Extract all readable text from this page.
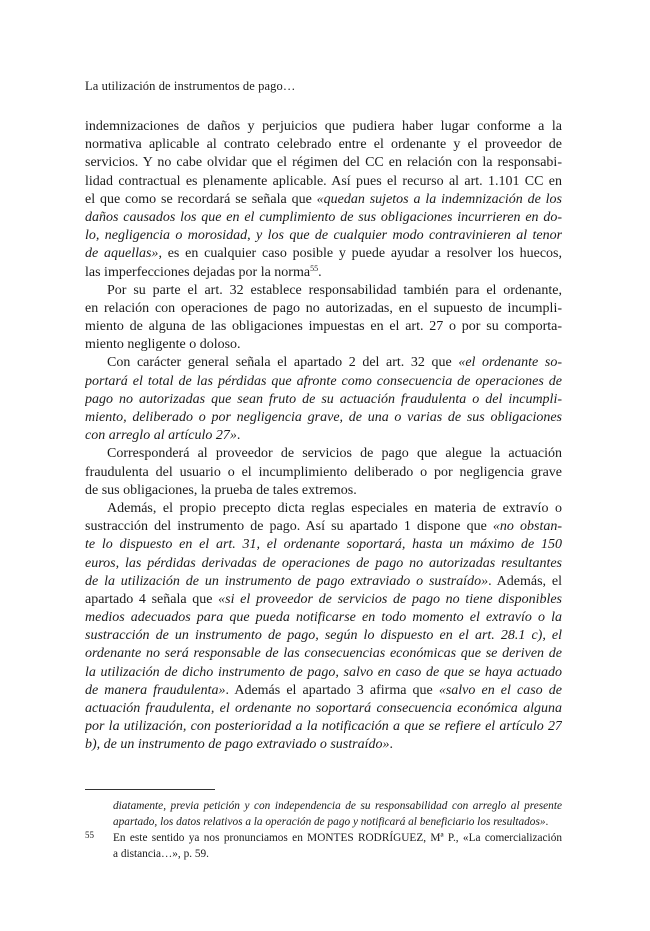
La utilización de instrumentos de pago…
indemnizaciones de daños y perjuicios que pudiera haber lugar conforme a la
normativa aplicable al contrato celebrado entre el ordenante y el proveedor de
servicios. Y no cabe olvidar que el régimen del CC en relación con la responsabi-
lidad contractual es plenamente aplicable. Así pues el recurso al art. 1.101 CC en
el que como se recordará se señala que «quedan sujetos a la indemnización de los
daños causados los que en el cumplimiento de sus obligaciones incurrieren en do-
lo, negligencia o morosidad, y los que de cualquier modo contravinieren al tenor
de aquellas», es en cualquier caso posible y puede ayudar a resolver los huecos,
las imperfecciones dejadas por la norma$^{55}$.
Por su parte el art. 32 establece responsabilidad también para el ordenante,
en relación con operaciones de pago no autorizadas, en el supuesto de incumpli-
miento de alguna de las obligaciones impuestas en el art. 27 o por su comporta-
miento negligente o doloso.
Con carácter general señala el apartado 2 del art. 32 que «el ordenante so-
portará el total de las pérdidas que afronte como consecuencia de operaciones de
pago no autorizadas que sean fruto de su actuación fraudulenta o del incumpli-
miento, deliberado o por negligencia grave, de una o varias de sus obligaciones
con arreglo al artículo 27».
Corresponderá al proveedor de servicios de pago que alegue la actuación
fraudulenta del usuario o el incumplimiento deliberado o por negligencia grave
de sus obligaciones, la prueba de tales extremos.
Además, el propio precepto dicta reglas especiales en materia de extravío o
sustracción del instrumento de pago. Así su apartado 1 dispone que «no obstan-
te lo dispuesto en el art. 31, el ordenante soportará, hasta un máximo de 150
euros, las pérdidas derivadas de operaciones de pago no autorizadas resultantes
de la utilización de un instrumento de pago extraviado o sustraído». Además, el
apartado 4 señala que «si el proveedor de servicios de pago no tiene disponibles
medios adecuados para que pueda notificarse en todo momento el extravío o la
sustracción de un instrumento de pago, según lo dispuesto en el art. 28.1 c), el
ordenante no será responsable de las consecuencias económicas que se deriven de
la utilización de dicho instrumento de pago, salvo en caso de que se haya actuado
de manera fraudulenta». Además el apartado 3 afirma que «salvo en el caso de
actuación fraudulenta, el ordenante no soportará consecuencia económica alguna
por la utilización, con posterioridad a la notificación a que se refiere el artículo 27
b), de un instrumento de pago extraviado o sustraído».
diatamente, previa petición y con independencia de su responsabilidad con arreglo al presente
apartado, los datos relativos a la operación de pago y notificará al beneficiario los resultados».
55	En este sentido ya nos pronunciamos en MONTES RODRÍGUEZ, Mª P., «La comercialización
a distancia…», p. 59.
